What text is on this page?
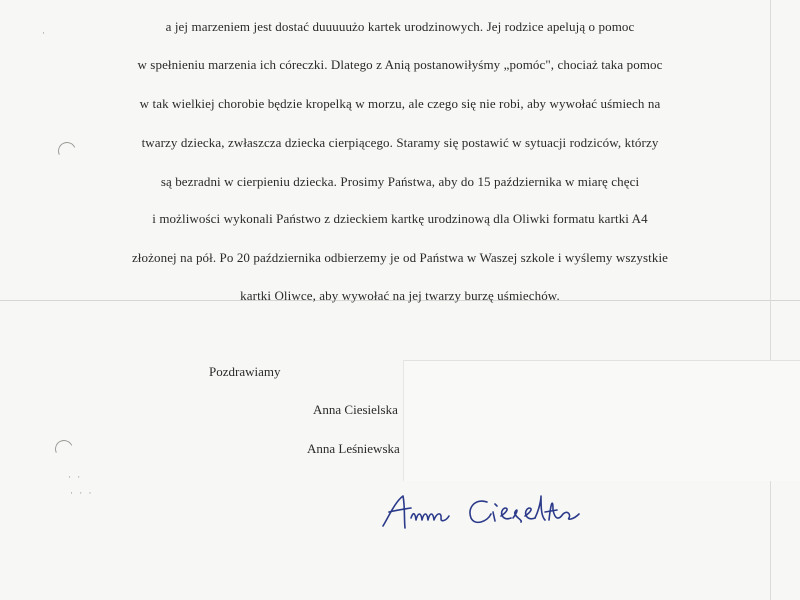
a jej marzeniem jest dostać duuuuużo kartek urodzinowych. Jej rodzice apelują o pomoc
w spełnieniu marzenia ich córeczki. Dlatego z Anią postanowiłyśmy „pomóc", chociaż taka pomoc
w tak wielkiej chorobie będzie kropelką w morzu, ale czego się nie robi, aby wywołać uśmiech na
twarzy dziecka, zwłaszcza dziecka cierpiącego. Staramy się postawić w sytuacji rodziców, którzy
są bezradni w cierpieniu dziecka. Prosimy Państwa, aby do 15 października w miarę chęci
i możliwości wykonali Państwo z dzieckiem kartkę urodzinową dla Oliwki formatu kartki A4
złożonej na pół. Po 20 października odbierzemy je od Państwa w Waszej szkole i wyślemy wszystkie
kartki Oliwce, aby wywołać na jej twarzy burzę uśmiechów.
Pozdrawiamy
Anna Ciesielska
Anna Leśniewska
·
· ·
· · ·
